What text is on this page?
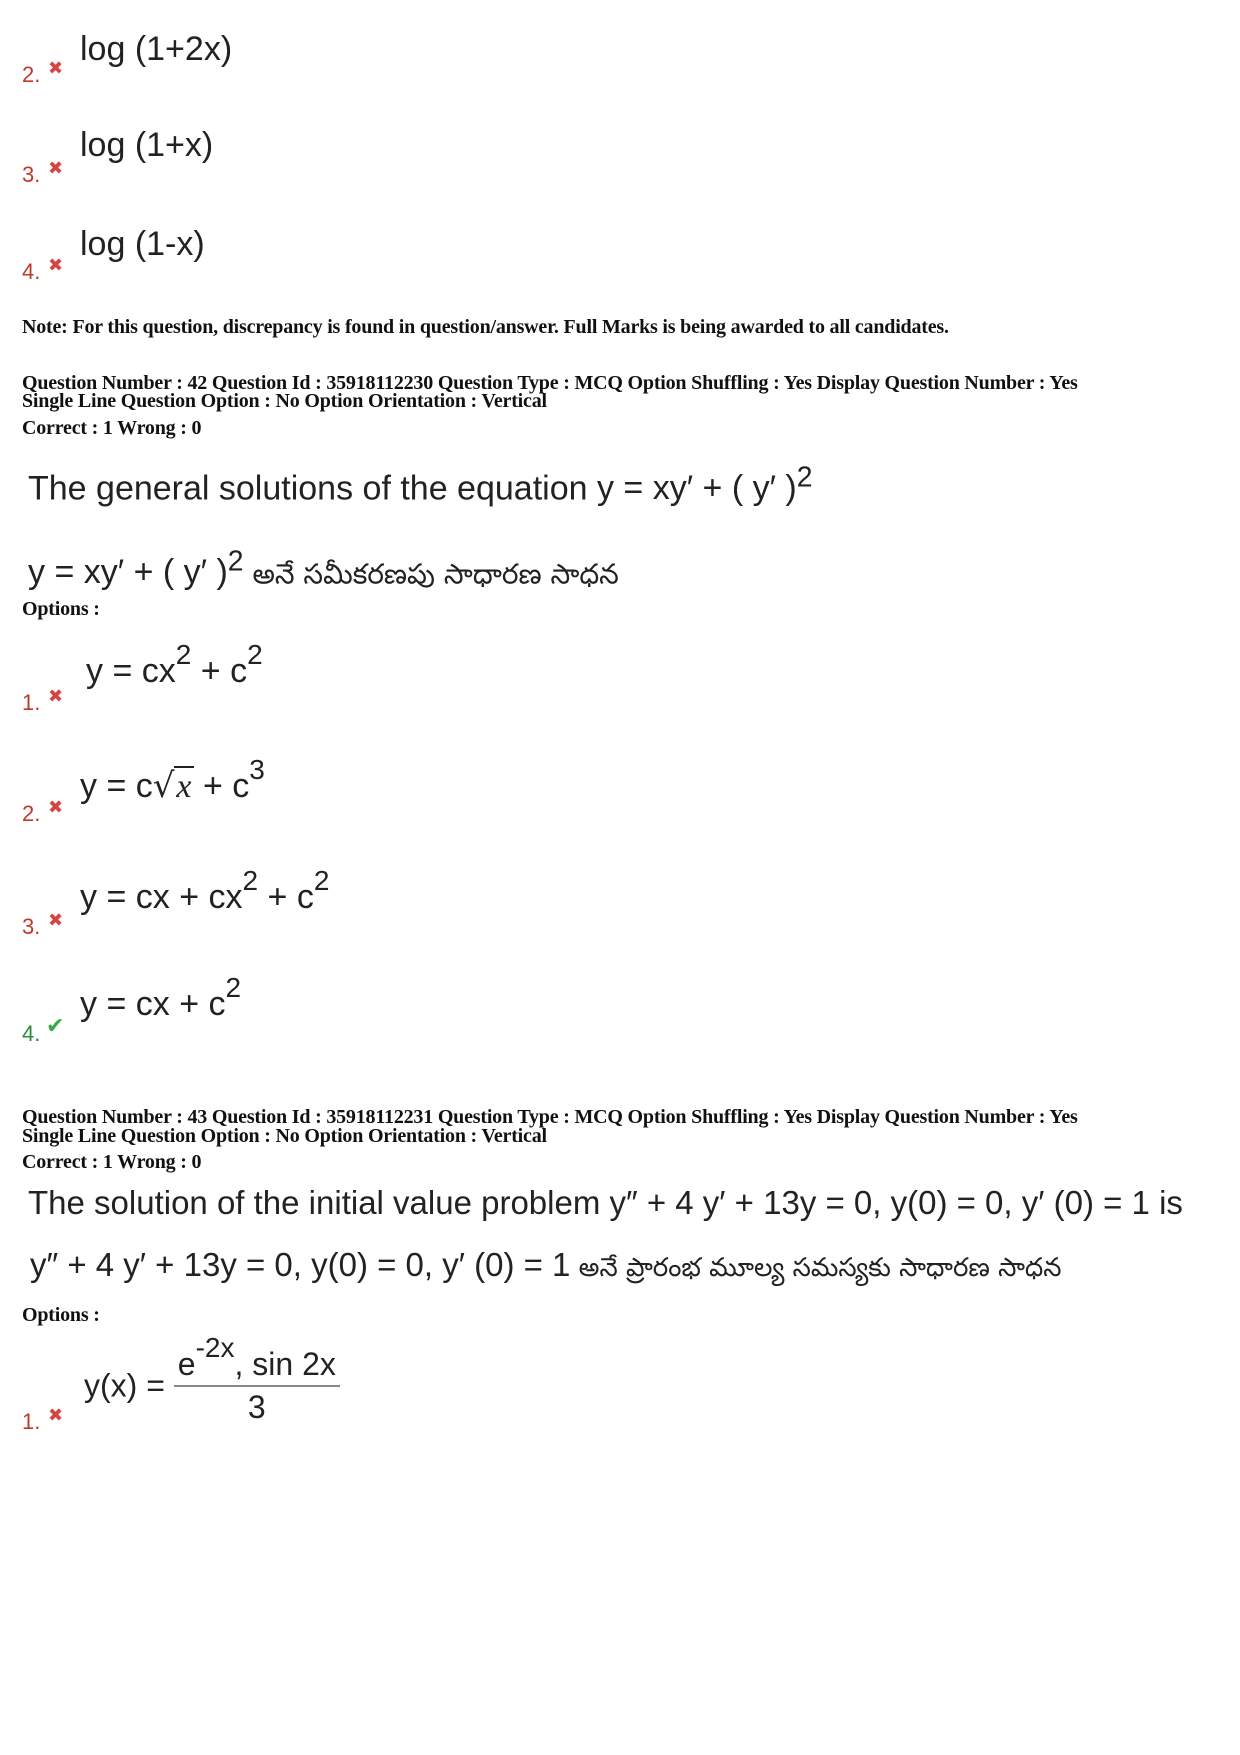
2. ✖
log (1+2x)
3. ✖
log (1+x)
4. ✖
log (1-x)
Note: For this question, discrepancy is found in question/answer. Full Marks is being awarded to all candidates.
Question Number : 42 Question Id : 35918112230 Question Type : MCQ Option Shuffling : Yes Display Question Number : Yes
Single Line Question Option : No Option Orientation : Vertical
Correct : 1 Wrong : 0
The general solutions of the equation y = xy′ + ( y′ )$^2$
y = xy′ + ( y′ )$^2$ అనే సమీకరణపు సాధారణ సాధన
Options :
1. ✖
$y = cx^2 + c^2$
2. ✖
$y = c√x + c^3$
3. ✖
y = cx + $cx^2 + c^2$
4. ✔
y = cx + $c^2$
Question Number : 43 Question Id : 35918112231 Question Type : MCQ Option Shuffling : Yes Display Question Number : Yes
Single Line Question Option : No Option Orientation : Vertical
Correct : 1 Wrong : 0
The solution of the initial value problem y″ + 4 y′ + 13y = 0, y(0) = 0, y′ (0) = 1 is
y″ + 4 y′ + 13y = 0, y(0) = 0, y′ (0) = 1 అనే ప్రారంభ మూల్య సమస్యకు సాధారణ సాధన
Options :
1. ✖
$y(x) = \frac{e^{-2x}, \sin 2x}{3}$
